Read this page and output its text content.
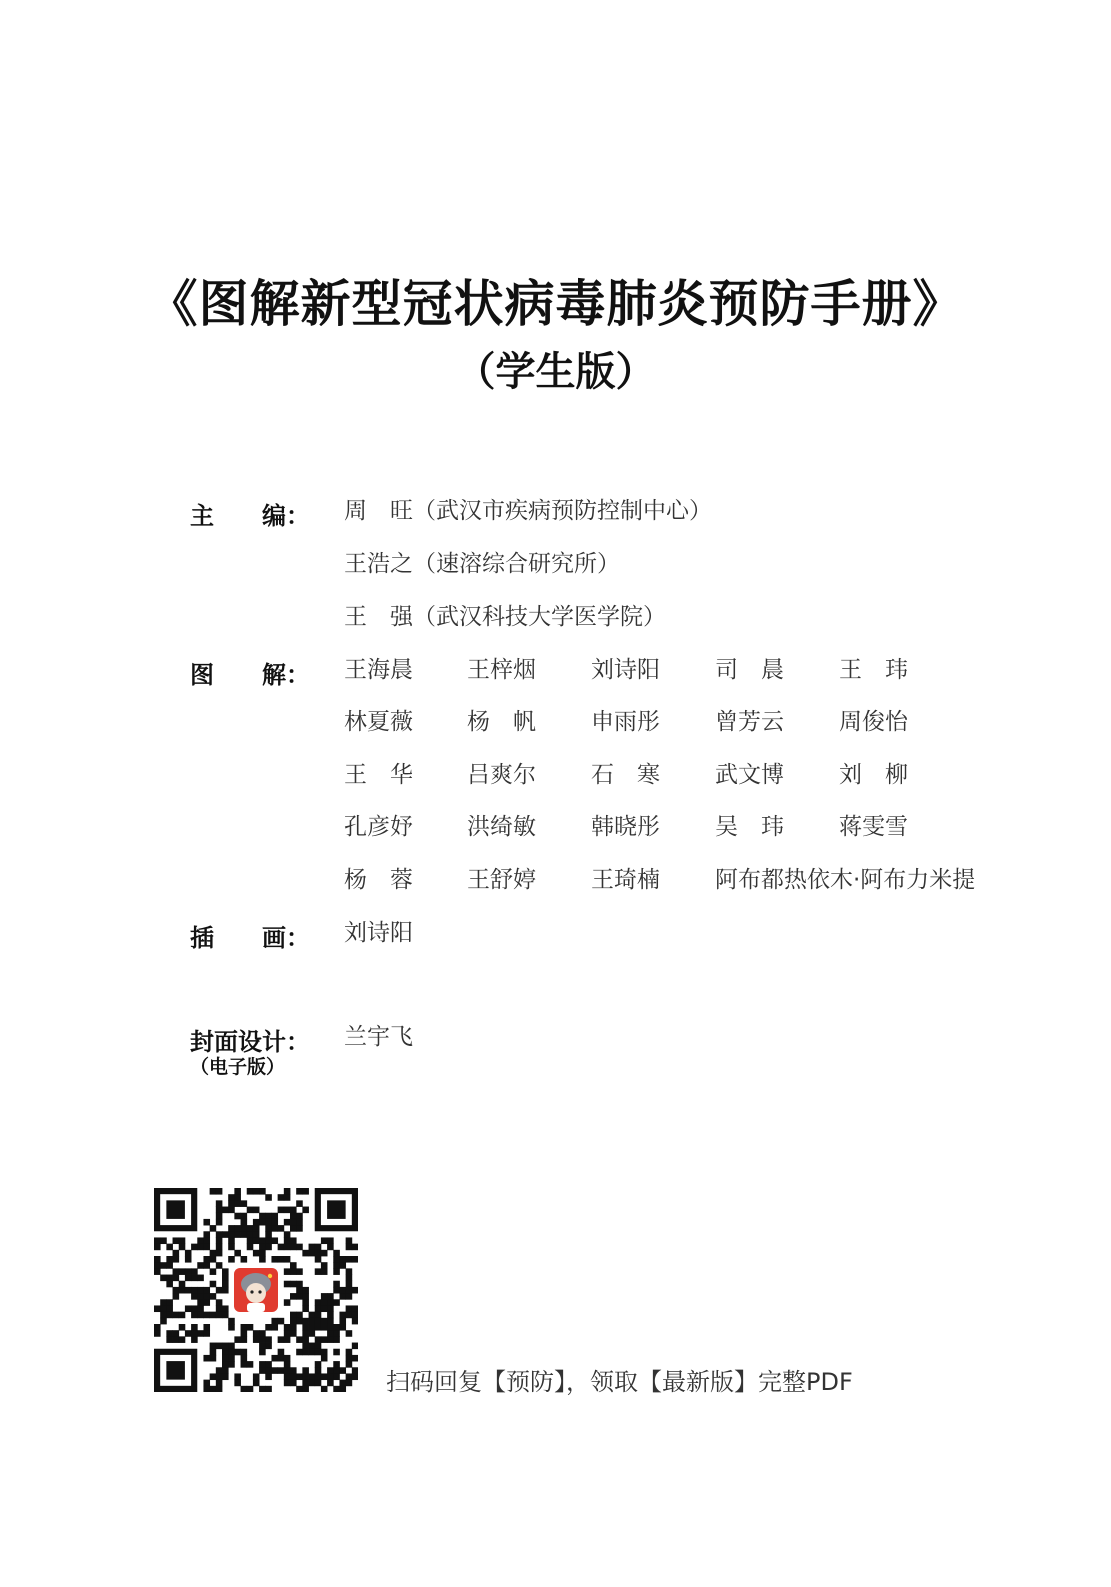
《图解新型冠状病毒肺炎预防手册》
（学生版）
主　　编： 周　旺（武汉市疾病预防控制中心）
王浩之（速溶综合研究所）
王　强（武汉科技大学医学院）
图　　解： 王海晨 王梓烟 刘诗阳 司　晨 王　玮
林夏薇 杨　帆 申雨彤 曾芳云 周俊怡
王　华 吕爽尔 石　寒 武文博 刘　柳
孔彦妤 洪绮敏 韩晓彤 吴　玮 蒋雯雪
杨　蓉 王舒婷 王琦楠 阿布都热依木·阿布力米提
插　　画： 刘诗阳
封面设计：
（电子版）
兰宇飞
扫码回复【预防】，领取【最新版】完整PDF
